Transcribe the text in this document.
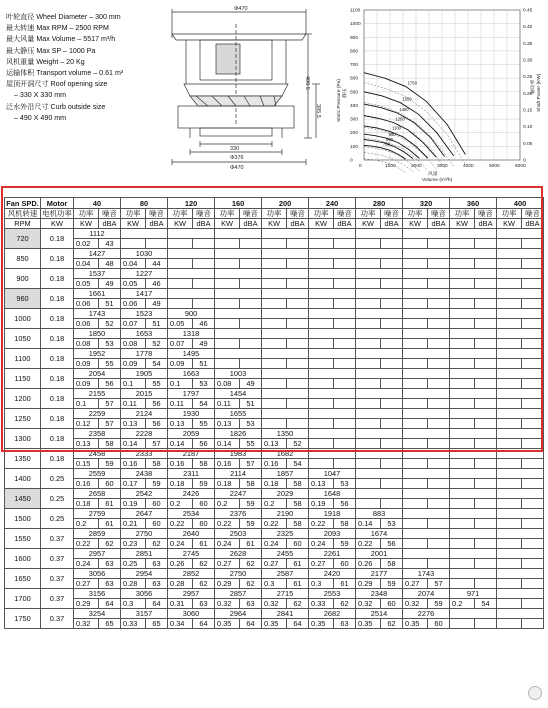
叶轮直径 Wheel Diameter – 300 mm
最大转速 Max RPM – 2500 RPM
最大风量 Max Volume – 5517 m³/h
最大静压 Max SP – 1000 Pa
风机重量 Weight – 20 Kg
运输体积 Transport volume – 0.61 m³
屋顶开洞尺寸 Roof opening size
– 330 X 330 mm
泛水外沿尺寸 Curb outside size
– 490 X 490 mm
Φ470
330
Φ376
Φ470
400.5
395.5
0	1000	2000	3000	4000	5000	6000
0
100
200
300
400
500
600
700
800
900
1000
1100
0
0.05
0.10
0.15
0.20
0.25
0.30
0.35
0.40
0.45
1750
1550
1400
1250
1100
960
850
720
风量
Volume (m³/h)
Static Pressure (Pa) 静压	Shaft Power (KW)
轴功率
Fan SPD.	Motor	40		80		120		160		200		240		280		320		360		400	
风机转速	电机功率	功率	噪音	功率	噪音	功率	噪音	功率	噪音	功率	噪音	功率	噪音	功率	噪音	功率	噪音	功率	噪音	功率	噪音
RPM	KW	KW	dBA	KW	dBA	KW	dBA	KW	dBA	KW	dBA	KW	dBA	KW	dBA	KW	dBA	KW	dBA	KW	dBA
720	0.18	1112																			
		0.02	43																		
850	0.18	1427		1030																	
		0.04	48	0.04	44																
900	0.18	1537		1227																	
		0.05	49	0.05	46																
960	0.18	1661		1417																	
		0.06	51	0.06	49																
1000	0.18	1743		1523		900															
		0.06	52	0.07	51	0.05	46														
1050	0.18	1850		1653		1318															
		0.08	53	0.08	52	0.07	49														
1100	0.18	1952		1778		1495															
		0.09	55	0.09	54	0.09	51														
1150	0.18	2054		1905		1663		1003													
		0.09	56	0.1	55	0.1	53	0.08	49												
1200	0.18	2155		2015		1797		1454													
		0.1	57	0.11	56	0.11	54	0.11	51												
1250	0.18	2259		2124		1930		1655													
		0.12	57	0.13	56	0.13	55	0.13	53												
1300	0.18	2358		2228		2059		1826		1350											
		0.13	58	0.14	57	0.14	56	0.14	55	0.13	52										
1350	0.18	2458		2333		2187		1983		1682											
		0.15	59	0.16	58	0.16	58	0.16	57	0.16	54										
1400	0.25	2559		2438		2311		2114		1857		1047									
		0.16	60	0.17	59	0.18	59	0.18	58	0.18	58	0.13	53								
1450	0.25	2658		2542		2426		2247		2029		1648									
		0.18	61	0.19	60	0.2	60	0.2	59	0.2	58	0.19	56								
1500	0.25	2759		2647		2534		2376		2190		1918		883							
		0.2	61	0.21	60	0.22	60	0.22	59	0.22	58	0.22	58	0.14	53						
1550	0.37	2859		2750		2640		2503		2325		2093		1674							
		0.22	62	0.23	62	0.24	61	0.24	61	0.24	60	0.24	59	0.22	56						
1600	0.37	2957		2851		2745		2628		2455		2261		2001							
		0.24	63	0.25	63	0.26	62	0.27	62	0.27	61	0.27	60	0.26	58						
1650	0.37	3056		2954		2852		2750		2587		2420		2177		1743					
		0.27	63	0.28	63	0.28	62	0.29	62	0.3	61	0.3	61	0.29	59	0.27	57				
1700	0.37	3156		3056		2957		2857		2715		2553		2348		2074		971			
		0.29	64	0.3	64	0.31	63	0.32	63	0.32	62	0.33	62	0.32	60	0.32	59	0.2	54		
1750	0.37	3254		3157		3060		2964		2841		2682		2514		2276					
		0.32	65	0.33	65	0.34	64	0.35	64	0.35	64	0.35	63	0.35	62	0.35	60				
